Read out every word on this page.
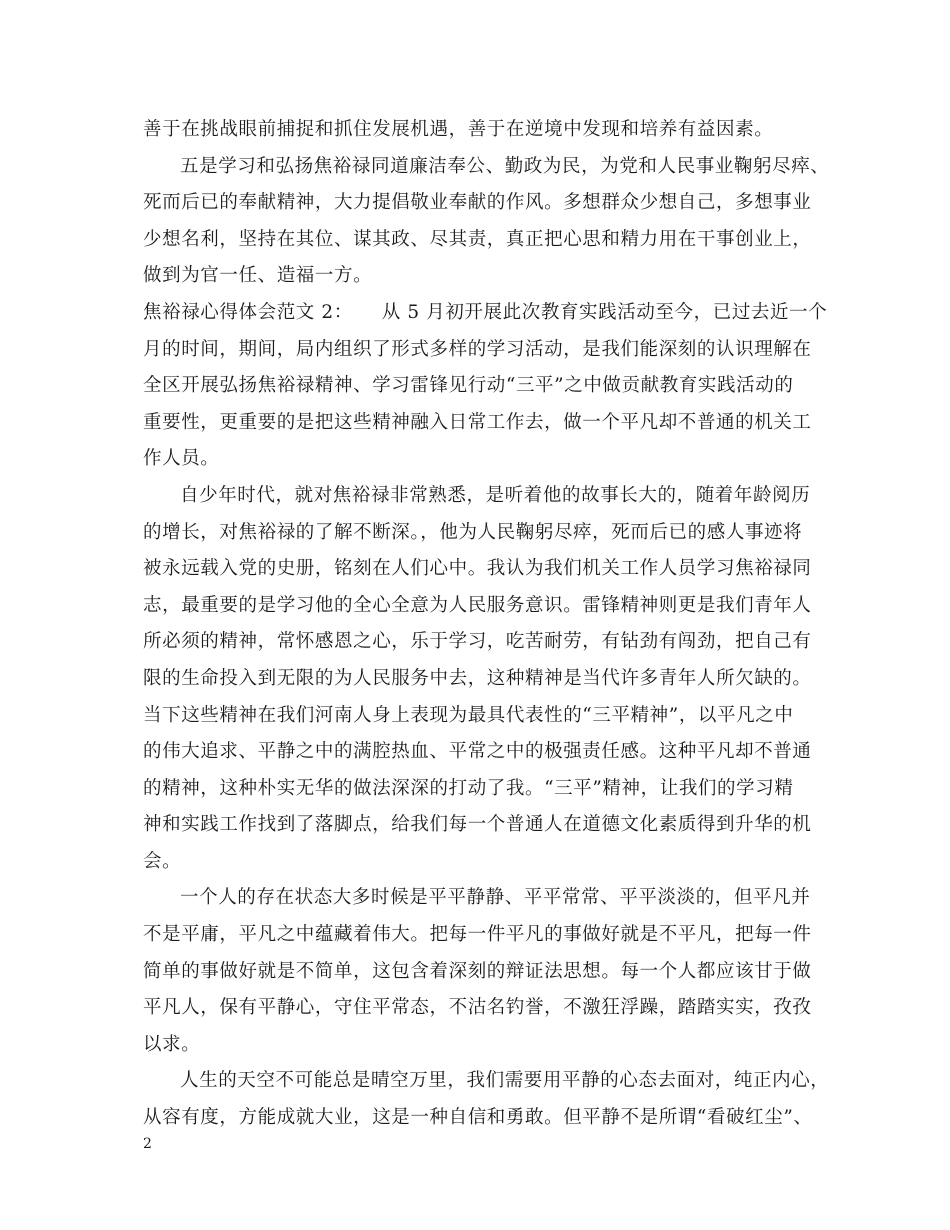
善于在挑战眼前捕捉和抓住发展机遇，善于在逆境中发现和培养有益因素。
五是学习和弘扬焦裕禄同道廉洁奉公、勤政为民，为党和人民事业鞠躬尽瘁、
死而后已的奉献精神，大力提倡敬业奉献的作风。多想群众少想自己，多想事业
少想名利，坚持在其位、谋其政、尽其责，真正把心思和精力用在干事创业上，
做到为官一任、造福一方。
焦裕禄心得体会范文 2：　　从 5 月初开展此次教育实践活动至今，已过去近一个
月的时间，期间，局内组织了形式多样的学习活动，是我们能深刻的认识理解在
全区开展弘扬焦裕禄精神、学习雷锋见行动“三平”之中做贡献教育实践活动的
重要性，更重要的是把这些精神融入日常工作去，做一个平凡却不普通的机关工
作人员。
自少年时代，就对焦裕禄非常熟悉，是听着他的故事长大的，随着年龄阅历
的增长，对焦裕禄的了解不断深。，他为人民鞠躬尽瘁，死而后已的感人事迹将
被永远载入党的史册，铭刻在人们心中。我认为我们机关工作人员学习焦裕禄同
志，最重要的是学习他的全心全意为人民服务意识。雷锋精神则更是我们青年人
所必须的精神，常怀感恩之心，乐于学习，吃苦耐劳，有钻劲有闯劲，把自己有
限的生命投入到无限的为人民服务中去，这种精神是当代许多青年人所欠缺的。
当下这些精神在我们河南人身上表现为最具代表性的“三平精神”，以平凡之中
的伟大追求、平静之中的满腔热血、平常之中的极强责任感。这种平凡却不普通
的精神，这种朴实无华的做法深深的打动了我。“三平”精神，让我们的学习精
神和实践工作找到了落脚点，给我们每一个普通人在道德文化素质得到升华的机
会。
一个人的存在状态大多时候是平平静静、平平常常、平平淡淡的，但平凡并
不是平庸，平凡之中蕴藏着伟大。把每一件平凡的事做好就是不平凡，把每一件
简单的事做好就是不简单，这包含着深刻的辩证法思想。每一个人都应该甘于做
平凡人，保有平静心，守住平常态，不沽名钓誉，不激狂浮躁，踏踏实实，孜孜
以求。
人生的天空不可能总是晴空万里，我们需要用平静的心态去面对，纯正内心，
从容有度，方能成就大业，这是一种自信和勇敢。但平静不是所谓“看破红尘”、
2
